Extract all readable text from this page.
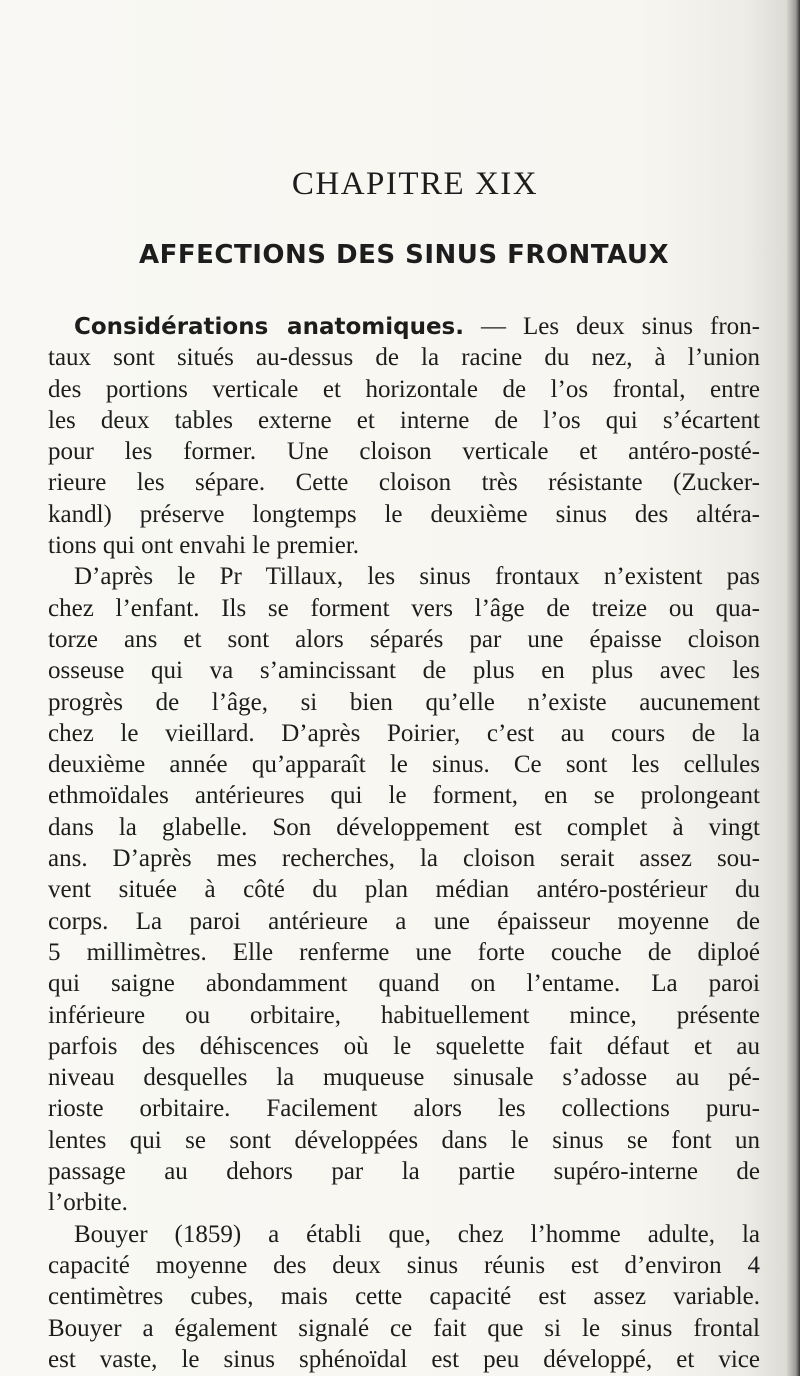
CHAPITRE XIX
AFFECTIONS DES SINUS FRONTAUX
Considérations anatomiques. — Les deux sinus fron-
taux sont situés au-dessus de la racine du nez, à l’union
des portions verticale et horizontale de l’os frontal, entre
les deux tables externe et interne de l’os qui s’écartent
pour les former. Une cloison verticale et antéro-posté-
rieure les sépare. Cette cloison très résistante (Zucker-
kandl) préserve longtemps le deuxième sinus des altéra-
tions qui ont envahi le premier.
D’après le Pr Tillaux, les sinus frontaux n’existent pas
chez l’enfant. Ils se forment vers l’âge de treize ou qua-
torze ans et sont alors séparés par une épaisse cloison
osseuse qui va s’amincissant de plus en plus avec les
progrès de l’âge, si bien qu’elle n’existe aucunement
chez le vieillard. D’après Poirier, c’est au cours de la
deuxième année qu’apparaît le sinus. Ce sont les cellules
ethmoïdales antérieures qui le forment, en se prolongeant
dans la glabelle. Son développement est complet à vingt
ans. D’après mes recherches, la cloison serait assez sou-
vent située à côté du plan médian antéro-postérieur du
corps. La paroi antérieure a une épaisseur moyenne de
5 millimètres. Elle renferme une forte couche de diploé
qui saigne abondamment quand on l’entame. La paroi
inférieure ou orbitaire, habituellement mince, présente
parfois des déhiscences où le squelette fait défaut et au
niveau desquelles la muqueuse sinusale s’adosse au pé-
rioste orbitaire. Facilement alors les collections puru-
lentes qui se sont développées dans le sinus se font un
passage au dehors par la partie supéro-interne de
l’orbite.
Bouyer (1859) a établi que, chez l’homme adulte, la
capacité moyenne des deux sinus réunis est d’environ 4
centimètres cubes, mais cette capacité est assez variable.
Bouyer a également signalé ce fait que si le sinus frontal
est vaste, le sinus sphénoïdal est peu développé, et vice
